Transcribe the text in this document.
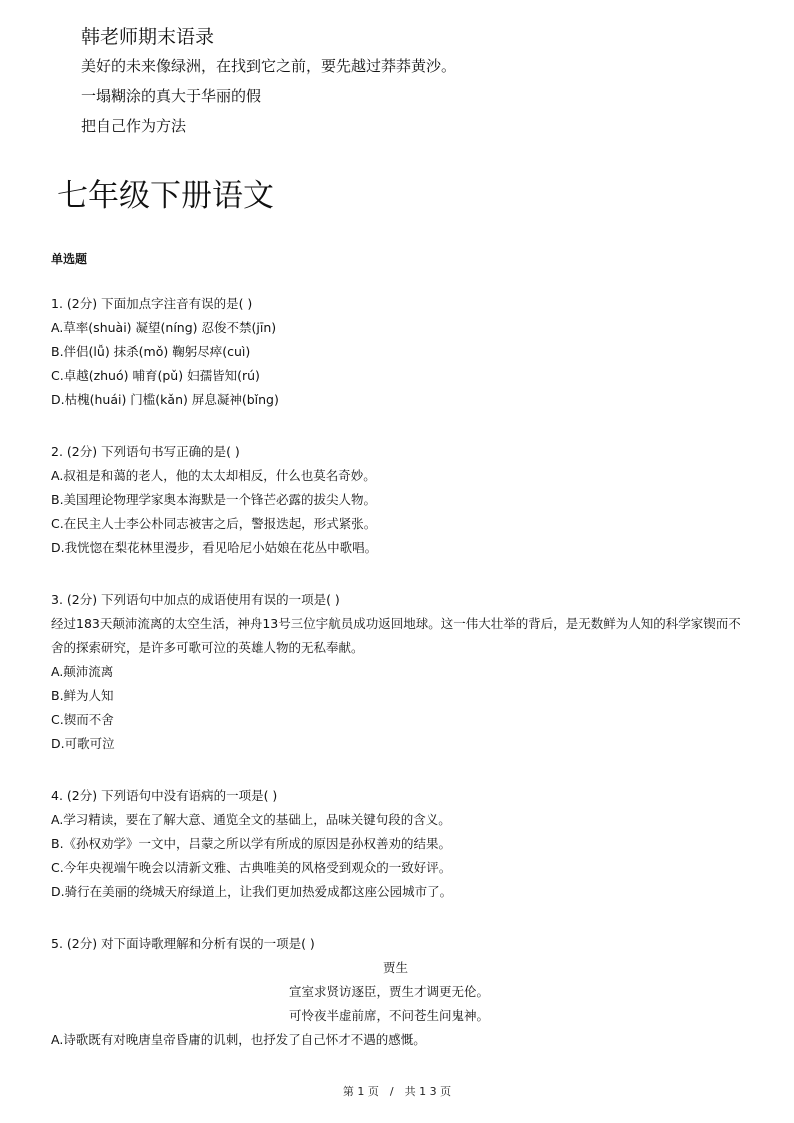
韩老师期末语录
美好的未来像绿洲，在找到它之前，要先越过莽莽黄沙。
一塌糊涂的真大于华丽的假
把自己作为方法
七年级下册语文
单选题
1. (2分) 下面加点字注音有误的是( )
A.草率(shuài) 凝望(níng) 忍俊不禁(jīn)
B.伴侣(lǚ) 抹杀(mǒ) 鞠躬尽瘁(cuì)
C.卓越(zhuó) 哺育(pǔ) 妇孺皆知(rú)
D.枯槐(huái) 门槛(kǎn) 屏息凝神(bǐng)
2. (2分) 下列语句书写正确的是( )
A.叔祖是和蔼的老人，他的太太却相反，什么也莫名奇妙。
B.美国理论物理学家奥本海默是一个锋芒必露的拔尖人物。
C.在民主人士李公朴同志被害之后，警报迭起，形式紧张。
D.我恍惚在梨花林里漫步，看见哈尼小姑娘在花丛中歌唱。
3. (2分) 下列语句中加点的成语使用有误的一项是( )
经过183天颠沛流离的太空生活，神舟13号三位宇航员成功返回地球。这一伟大壮举的背后，是无数鲜为人知的科学家锲而不舍的探索研究，是许多可歌可泣的英雄人物的无私奉献。
A.颠沛流离
B.鲜为人知
C.锲而不舍
D.可歌可泣
4. (2分) 下列语句中没有语病的一项是( )
A.学习精读，要在了解大意、通览全文的基础上，品味关键句段的含义。
B.《孙权劝学》一文中，吕蒙之所以学有所成的原因是孙权善劝的结果。
C.今年央视端午晚会以清新文雅、古典唯美的风格受到观众的一致好评。
D.骑行在美丽的绕城天府绿道上，让我们更加热爱成都这座公园城市了。
5. (2分) 对下面诗歌理解和分析有误的一项是( )
贾生
宣室求贤访逐臣，贾生才调更无伦。
可怜夜半虚前席，不问苍生问鬼神。
A.诗歌既有对晚唐皇帝昏庸的讥刺，也抒发了自己怀才不遇的感慨。
第 1 页　/　共 1 3 页
